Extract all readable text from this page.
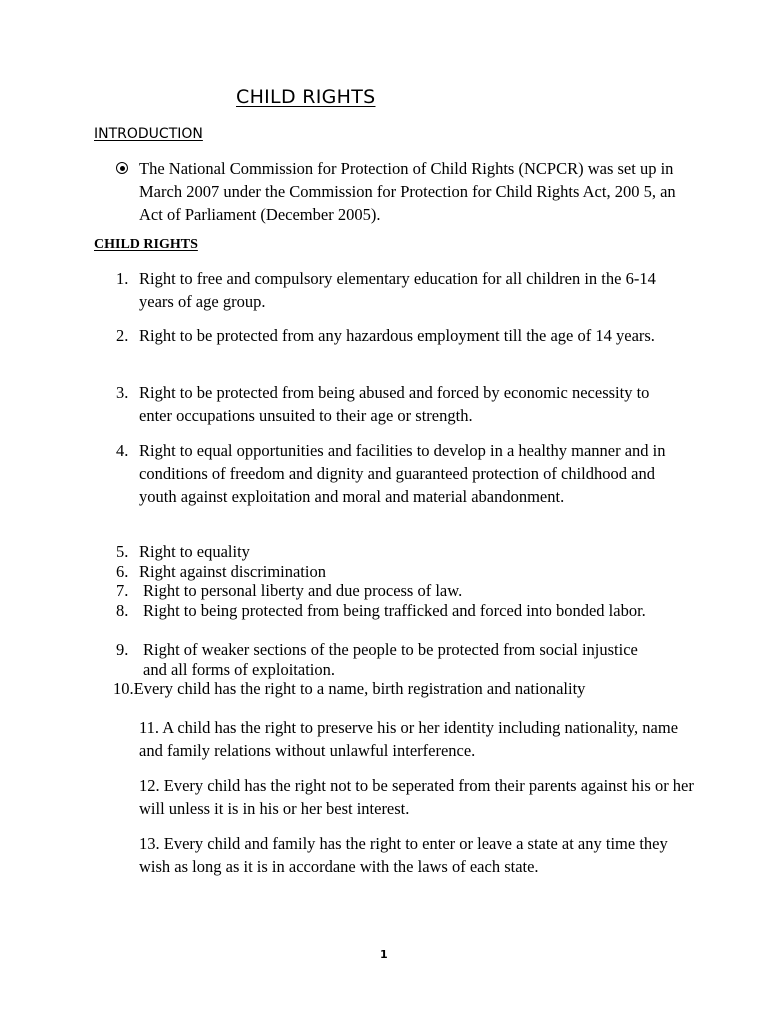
CHILD RIGHTS
INTRODUCTION
The National Commission for Protection of Child Rights (NCPCR) was set up in March 2007 under the Commission for Protection for Child Rights Act, 200 5, an Act of Parliament (December 2005).
CHILD RIGHTS
1. Right to free and compulsory elementary education for all children in the 6-14 years of age group.
2. Right to be protected from any hazardous employment till the age of 14 years.
3. Right to be protected from being abused and forced by economic necessity to enter occupations unsuited to their age or strength.
4. Right to equal opportunities and facilities to develop in a healthy manner and in conditions of freedom and dignity and guaranteed protection of childhood and youth against exploitation and moral and material abandonment.
5. Right to equality
6. Right against discrimination
7. Right to personal liberty and due process of law.
8. Right to being protected from being trafficked and forced into bonded labor.
9. Right of weaker sections of the people to be protected from social injustice and all forms of exploitation.
10.Every child has the right to a name, birth registration and nationality
11. A child has the right to preserve his or her identity including nationality, name and family relations without unlawful interference.
12. Every child has the right not to be seperated from their parents against his or her will unless it is in his or her best interest.
13. Every child and family has the right to enter or leave a state at any time they wish as long as it is in accordane with the laws of each state.
1
